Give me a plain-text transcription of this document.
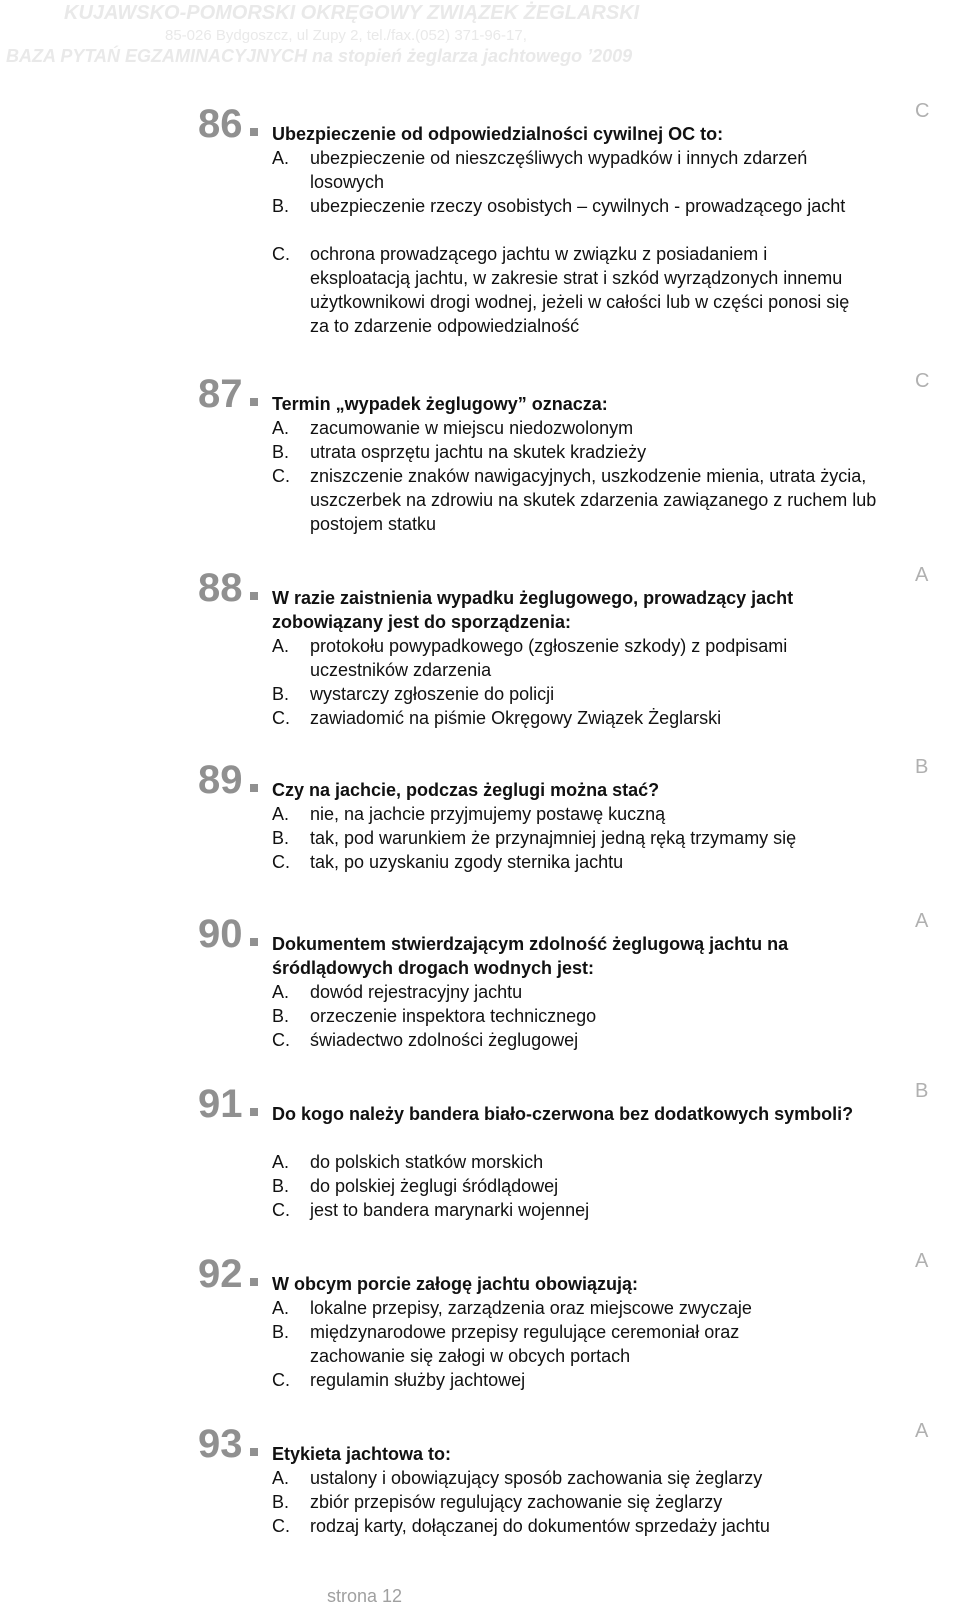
KUJAWSKO-POMORSKI OKRĘGOWY ZWIĄZEK ŻEGLARSKI
85-026 Bydgoszcz, ul Zupy 2, tel./fax.(052) 371-96-17,
BAZA PYTAŃ EGZAMINACYJNYCH na stopień żeglarza jachtowego ’2009
86 Ubezpieczenie od odpowiedzialności cywilnej OC to:
A. ubezpieczenie od nieszczęśliwych wypadków i innych zdarzeń losowych
B. ubezpieczenie rzeczy osobistych – cywilnych - prowadzącego jacht
C. ochrona prowadzącego jachtu w związku z posiadaniem i eksploatacją jachtu, w zakresie strat i szkód wyrządzonych innemu użytkownikowi drogi wodnej, jeżeli w całości lub w części ponosi się za to zdarzenie odpowiedzialność
C
87 Termin „wypadek żeglugowy” oznacza:
A. zacumowanie w miejscu niedozwolonym
B. utrata osprzętu jachtu na skutek kradzieży
C. zniszczenie znaków nawigacyjnych, uszkodzenie mienia, utrata życia, uszczerbek na zdrowiu na skutek zdarzenia zawiązanego z ruchem lub postojem statku
C
88 W razie zaistnienia wypadku żeglugowego, prowadzący jacht zobowiązany jest do sporządzenia:
A. protokołu powypadkowego (zgłoszenie szkody) z podpisami uczestników zdarzenia
B. wystarczy zgłoszenie do policji
C. zawiadomić na piśmie Okręgowy Związek Żeglarski
A
89 Czy na jachcie, podczas żeglugi można stać?
A. nie, na jachcie przyjmujemy postawę kuczną
B. tak, pod warunkiem że przynajmniej jedną ręką trzymamy się
C. tak, po uzyskaniu zgody sternika jachtu
B
90 Dokumentem stwierdzającym zdolność żeglugową jachtu na śródlądowych drogach wodnych jest:
A. dowód rejestracyjny jachtu
B. orzeczenie inspektora technicznego
C. świadectwo zdolności żeglugowej
A
91 Do kogo należy bandera biało-czerwona bez dodatkowych symboli?
A. do polskich statków morskich
B. do polskiej żeglugi śródlądowej
C. jest to bandera marynarki wojennej
B
92 W obcym porcie załogę jachtu obowiązują:
A. lokalne przepisy, zarządzenia oraz miejscowe zwyczaje
B. międzynarodowe przepisy regulujące ceremoniał oraz zachowanie się załogi w obcych portach
C. regulamin służby jachtowej
A
93 Etykieta jachtowa to:
A. ustalony i obowiązujący sposób zachowania się żeglarzy
B. zbiór przepisów regulujący zachowanie się żeglarzy
C. rodzaj karty, dołączanej do dokumentów sprzedaży jachtu
A
strona 12
